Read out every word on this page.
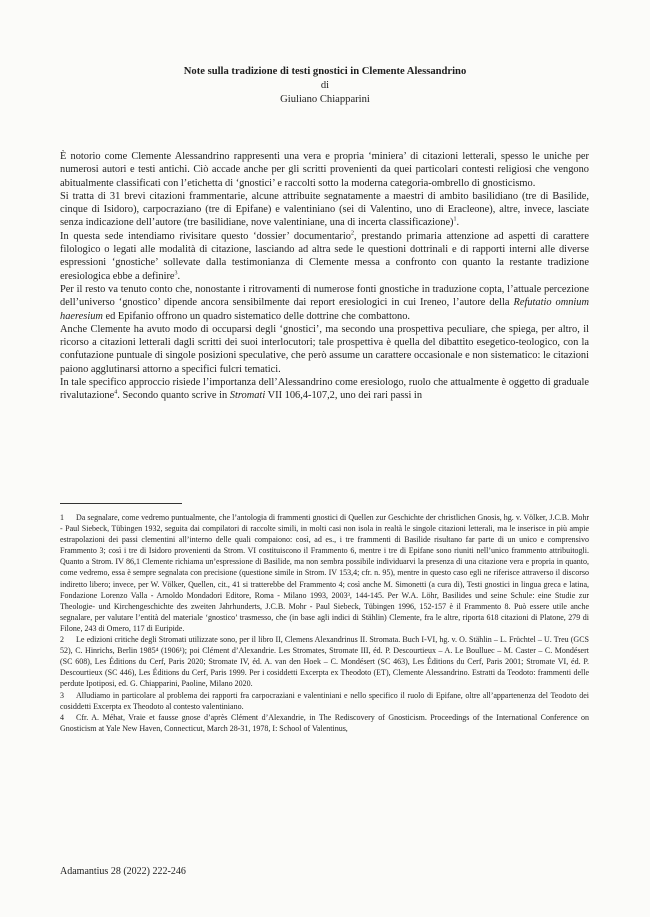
Note sulla tradizione di testi gnostici in Clemente Alessandrino
di
Giuliano Chiapparini

È notorio come Clemente Alessandrino rappresenti una vera e propria ‘miniera’ di citazioni letterali, spesso le uniche per numerosi autori e testi antichi. Ciò accade anche per gli scritti provenienti da quei particolari contesti religiosi che vengono abitualmente classificati con l’etichetta di ‘gnostici’ e raccolti sotto la moderna categoria-ombrello di gnosticismo.

Si tratta di 31 brevi citazioni frammentarie, alcune attribuite segnatamente a maestri di ambito basilidiano (tre di Basilide, cinque di Isidoro), carpocraziano (tre di Epifane) e valentiniano (sei di Valentino, uno di Eracleone), altre, invece, lasciate senza indicazione dell’autore (tre basilidiane, nove valentiniane, una di incerta classificazione)$^1$.

In questa sede intendiamo rivisitare questo ‘dossier’ documentario$^2$, prestando primaria attenzione ad aspetti di carattere filologico o legati alle modalità di citazione, lasciando ad altra sede le questioni dottrinali e di rapporti interni alle diverse espressioni ‘gnostiche’ sollevate dalla testimonianza di Clemente messa a confronto con quanto la restante tradizione eresiologica ebbe a definire$^3$.

Per il resto va tenuto conto che, nonostante i ritrovamenti di numerose fonti gnostiche in traduzione copta, l’attuale percezione dell’universo ‘gnostico’ dipende ancora sensibilmente dai report eresiologici in cui Ireneo, l’autore della Refutatio omnium haeresium ed Epifanio offrono un quadro sistematico delle dottrine che combattono.

Anche Clemente ha avuto modo di occuparsi degli ‘gnostici’, ma secondo una prospettiva peculiare, che spiega, per altro, il ricorso a citazioni letterali dagli scritti dei suoi interlocutori; tale prospettiva è quella del dibattito esegetico-teologico, con la confutazione puntuale di singole posizioni speculative, che però assume un carattere occasionale e non sistematico: le citazioni paiono agglutinarsi attorno a specifici fulcri tematici.

In tale specifico approccio risiede l’importanza dell’Alessandrino come eresiologo, ruolo che attualmente è oggetto di graduale rivalutazione$^4$. Secondo quanto scrive in Stromati VII 106,4-107,2, uno dei rari passi in

1 Da segnalare, come vedremo puntualmente, che l’antologia di frammenti gnostici di Quellen zur Geschichte der christlichen Gnosis, hg. v. Völker, J.C.B. Mohr - Paul Siebeck, Tübingen 1932, seguita dai compilatori di raccolte simili, in molti casi non isola in realtà le singole citazioni letterali, ma le inserisce in più ampie estrapolazioni dei passi clementini all’interno delle quali compaiono: così, ad es., i tre frammenti di Basilide risultano far parte di un unico e comprensivo Frammento 3; così i tre di Isidoro provenienti da Strom. VI costituiscono il Frammento 6, mentre i tre di Epifane sono riuniti nell’unico frammento attribuitogli. Quanto a Strom. IV 86,1 Clemente richiama un’espressione di Basilide, ma non sembra possibile individuarvi la presenza di una citazione vera e propria in quanto, come vedremo, essa è sempre segnalata con precisione (questione simile in Strom. IV 153,4; cfr. n. 95), mentre in questo caso egli ne riferisce attraverso il discorso indiretto libero; invece, per W. Völker, Quellen, cit., 41 si tratterebbe del Frammento 4; così anche M. Simonetti (a cura di), Testi gnostici in lingua greca e latina, Fondazione Lorenzo Valla - Arnoldo Mondadori Editore, Roma - Milano 1993, 2003³, 144-145. Per W.A. Löhr, Basilides und seine Schule: eine Studie zur Theologie- und Kirchengeschichte des zweiten Jahrhunderts, J.C.B. Mohr - Paul Siebeck, Tübingen 1996, 152-157 è il Frammento 8. Può essere utile anche segnalare, per valutare l’entità del materiale ‘gnostico’ trasmesso, che (in base agli indici di Stählin) Clemente, fra le altre, riporta 618 citazioni di Platone, 279 di Filone, 243 di Omero, 117 di Euripide.

2 Le edizioni critiche degli Stromati utilizzate sono, per il libro II, Clemens Alexandrinus II. Stromata. Buch I-VI, hg. v. O. Stählin – L. Früchtel – U. Treu (GCS 52), C. Hinrichs, Berlin 1985⁴ (1906¹); poi Clément d’Alexandrie. Les Stromates, Stromate III, éd. P. Descourtieux – A. Le Boulluec – M. Caster – C. Mondésert (SC 608), Les Éditions du Cerf, Paris 2020; Stromate IV, éd. A. van den Hoek – C. Mondésert (SC 463), Les Éditions du Cerf, Paris 2001; Stromate VI, éd. P. Descourtieux (SC 446), Les Éditions du Cerf, Paris 1999. Per i cosiddetti Excerpta ex Theodoto (ET), Clemente Alessandrino. Estratti da Teodoto: frammenti delle perdute Ipotiposi, ed. G. Chiapparini, Paoline, Milano 2020.

3 Alludiamo in particolare al problema dei rapporti fra carpocraziani e valentiniani e nello specifico il ruolo di Epifane, oltre all’appartenenza del Teodoto dei cosiddetti Excerpta ex Theodoto al contesto valentiniano.

4 Cfr. A. Méhat, Vraie et fausse gnose d’après Clément d’Alexandrie, in The Rediscovery of Gnosticism. Proceedings of the International Conference on Gnosticism at Yale New Haven, Connecticut, March 28-31, 1978, I: School of Valentinus,

Adamantius 28 (2022) 222-246
